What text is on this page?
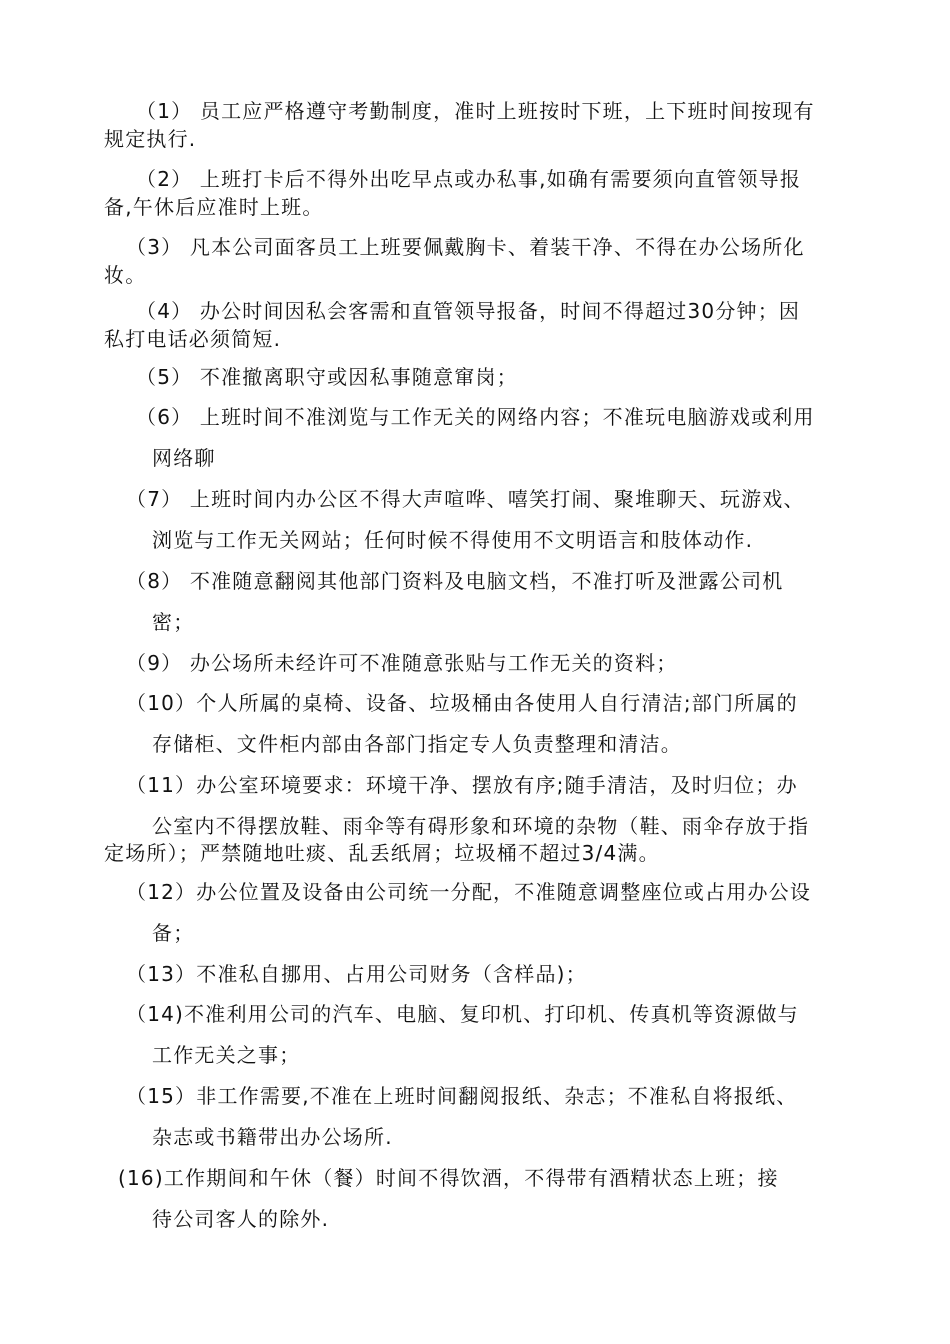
（1） 员工应严格遵守考勤制度，准时上班按时下班，上下班时间按现有
规定执行.
（2） 上班打卡后不得外出吃早点或办私事,如确有需要须向直管领导报
备,午休后应准时上班。
（3） 凡本公司面客员工上班要佩戴胸卡、着装干净、不得在办公场所化
妆。
（4） 办公时间因私会客需和直管领导报备，时间不得超过30分钟；因
私打电话必须简短.
（5） 不准撤离职守或因私事随意窜岗；
（6） 上班时间不准浏览与工作无关的网络内容；不准玩电脑游戏或利用
网络聊
（7） 上班时间内办公区不得大声喧哗、嘻笑打闹、聚堆聊天、玩游戏、
浏览与工作无关网站；任何时候不得使用不文明语言和肢体动作.
（8） 不准随意翻阅其他部门资料及电脑文档，不准打听及泄露公司机
密；
（9） 办公场所未经许可不准随意张贴与工作无关的资料；
（10）个人所属的桌椅、设备、垃圾桶由各使用人自行清洁;部门所属的
存储柜、文件柜内部由各部门指定专人负责整理和清洁。
（11）办公室环境要求：环境干净、摆放有序;随手清洁，及时归位；办
公室内不得摆放鞋、雨伞等有碍形象和环境的杂物（鞋、雨伞存放于指
定场所）；严禁随地吐痰、乱丢纸屑；垃圾桶不超过3/4满。
（12）办公位置及设备由公司统一分配，不准随意调整座位或占用办公设
备；
（13）不准私自挪用、占用公司财务（含样品)；
（14)不准利用公司的汽车、电脑、复印机、打印机、传真机等资源做与
工作无关之事；
（15）非工作需要,不准在上班时间翻阅报纸、杂志；不准私自将报纸、
杂志或书籍带出办公场所.
(16)工作期间和午休（餐）时间不得饮酒，不得带有酒精状态上班；接
待公司客人的除外.
